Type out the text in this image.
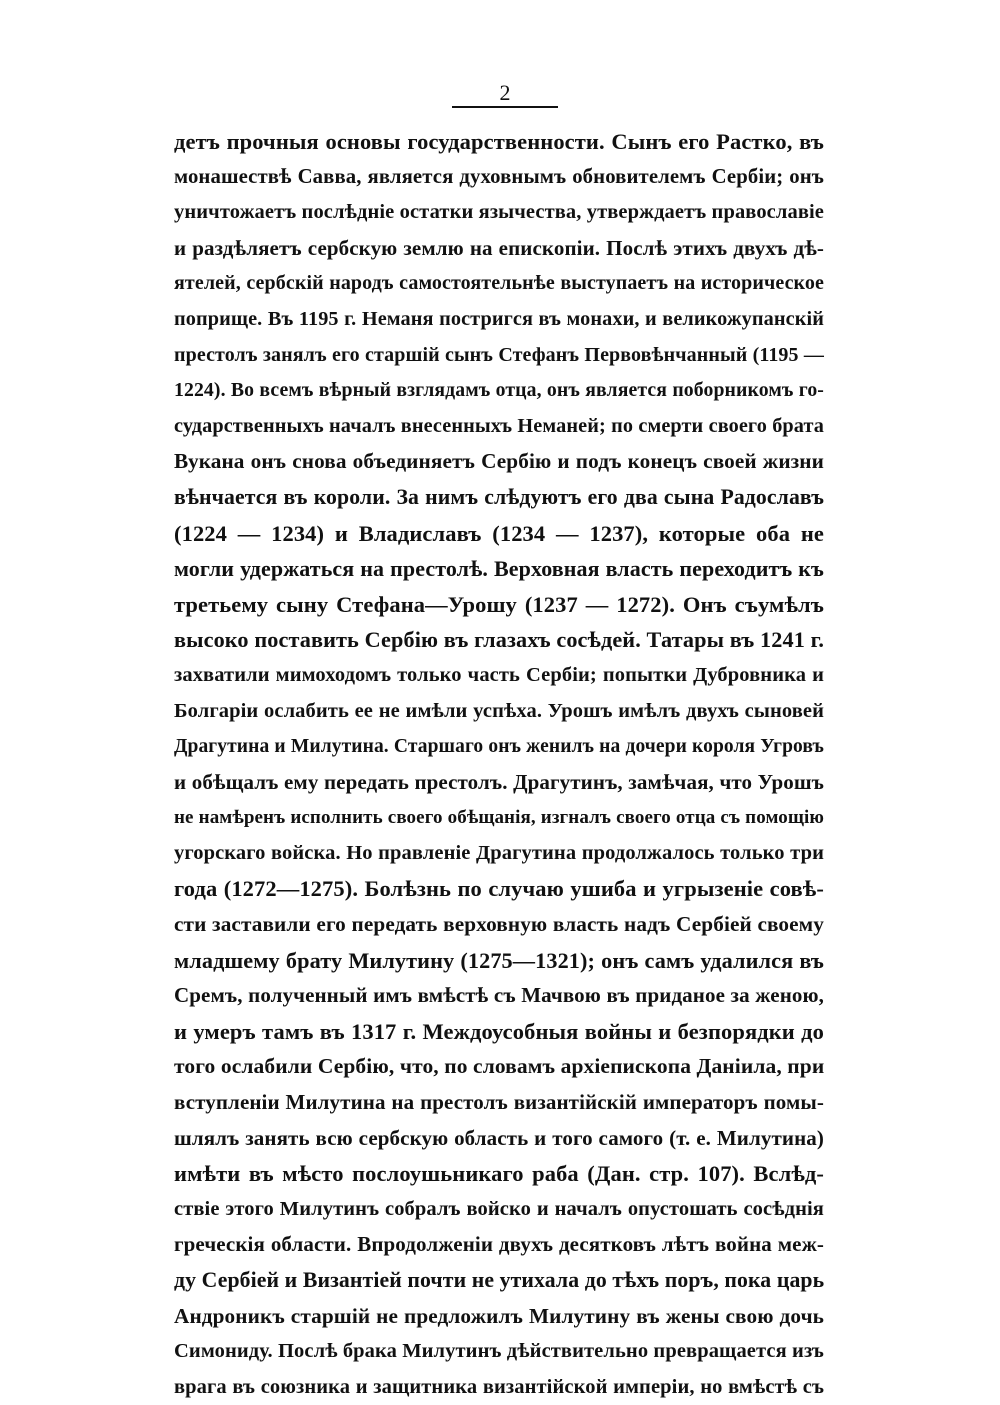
2
детъ прочныя основы государственности. Сынъ его Растко, въ
монашествѣ Савва, является духовнымъ обновителемъ Сербіи; онъ
уничтожаетъ послѣдніе остатки язычества, утверждаетъ православіе
и раздѣляетъ сербскую землю на епископіи. Послѣ этихъ двухъ дѣ-
ятелей, сербскій народъ самостоятельнѣе выступаетъ на историческое
поприще. Въ 1195 г. Неманя постригся въ монахи, и великожупанскій
престолъ занялъ его старшій сынъ Стефанъ Первовѣнчанный (1195 —
1224). Во всемъ вѣрный взглядамъ отца, онъ является поборникомъ го-
сударственныхъ началъ внесенныхъ Неманей; по смерти своего брата
Вукана онъ снова объединяетъ Сербію и подъ конецъ своей жизни
вѣнчается въ короли. За нимъ слѣдуютъ его два сына Радославъ
(1224 — 1234) и Владиславъ (1234 — 1237), которые оба не
могли удержаться на престолѣ. Верховная власть переходитъ къ
третьему сыну Стефана—Урошу (1237 — 1272). Онъ съумѣлъ
высоко поставить Сербію въ глазахъ сосѣдей. Татары въ 1241 г.
захватили мимоходомъ только часть Сербіи; попытки Дубровника и
Болгаріи ослабить ее не имѣли успѣха. Урошъ имѣлъ двухъ сыновей
Драгутина и Милутина. Старшаго онъ женилъ на дочери короля Угровъ
и обѣщалъ ему передать престолъ. Драгутинъ, замѣчая, что Урошъ
не намѣренъ исполнить своего обѣщанія, изгналъ своего отца съ помощію
угорскаго войска. Но правленіе Драгутина продолжалось только три
года (1272—1275). Болѣзнь по случаю ушиба и угрызеніе совѣ-
сти заставили его передать верховную власть надъ Сербіей своему
младшему брату Милутину (1275—1321); онъ самъ удалился въ
Сремъ, полученный имъ вмѣстѣ съ Мачвою въ приданое за женою,
и умеръ тамъ въ 1317 г. Междоусобныя войны и безпорядки до
того ослабили Сербію, что, по словамъ архіепископа Даніила, при
вступленіи Милутина на престолъ византійскій императоръ помы-
шлялъ занять всю сербскую область и того самого (т. е. Милутина)
имѣти въ мѣсто послоушьникаго раба (Дан. стр. 107). Вслѣд-
ствіе этого Милутинъ собралъ войско и началъ опустошать сосѣднія
греческія области. Впродолженіи двухъ десятковъ лѣтъ война меж-
ду Сербіей и Византіей почти не утихала до тѣхъ поръ, пока царь
Андроникъ старшій не предложилъ Милутину въ жены свою дочь
Симониду. Послѣ брака Милутинъ дѣйствительно превращается изъ
врага въ союзника и защитника византійской имперіи, но вмѣстѣ съ
